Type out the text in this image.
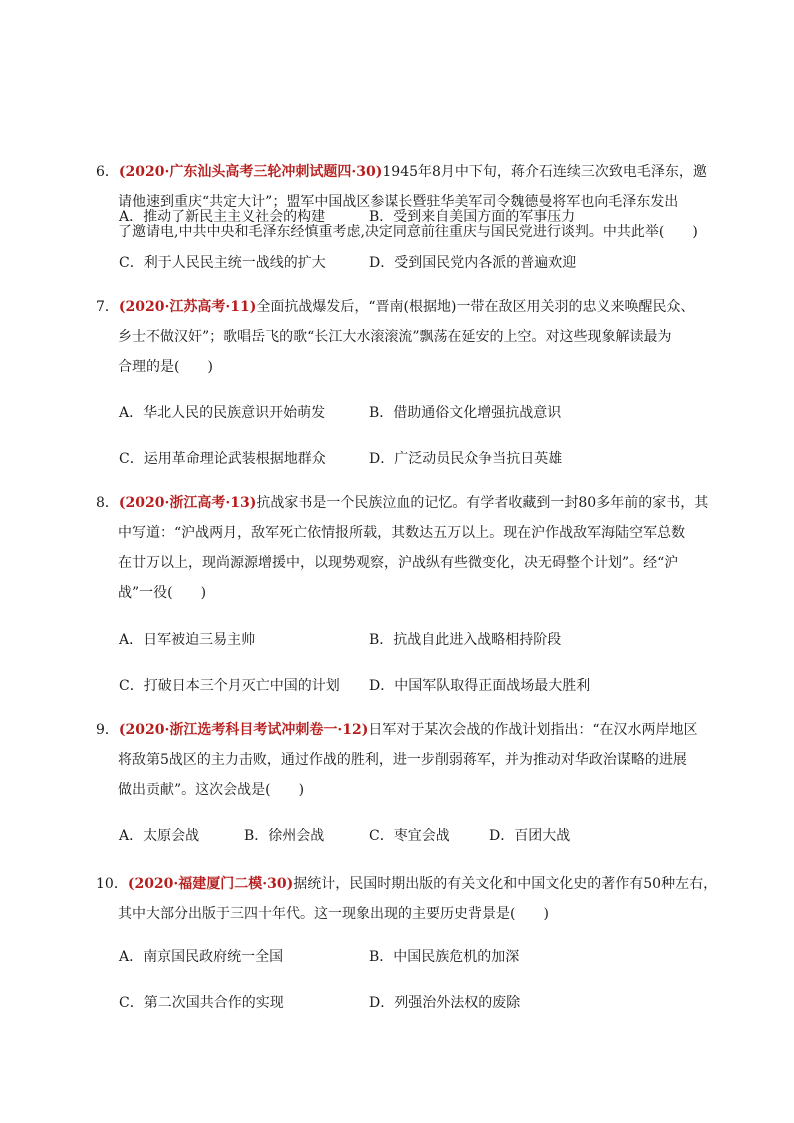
6．(2020·广东汕头高考三轮冲刺试题四·30)1945年8月中下旬，蒋介石连续三次致电毛泽东，邀
请他速到重庆“共定大计”；盟军中国战区参谋长暨驻华美军司令魏德曼将军也向毛泽东发出
了邀请电,中共中央和毛泽东经慎重考虑,决定同意前往重庆与国民党进行谈判。中共此举(　　)
A．推动了新民主主义社会的构建	B．受到来自美国方面的军事压力
C．利于人民民主统一战线的扩大	D．受到国民党内各派的普遍欢迎
7．(2020·江苏高考·11)全面抗战爆发后，“晋南(根据地)一带在敌区用关羽的忠义来唤醒民众、
乡士不做汉奸”；歌唱岳飞的歌“长江大水滚滚流”飘荡在延安的上空。对这些现象解读最为
合理的是(　　)
A．华北人民的民族意识开始萌发	B．借助通俗文化增强抗战意识
C．运用革命理论武装根据地群众	D．广泛动员民众争当抗日英雄
8．(2020·浙江高考·13)抗战家书是一个民族泣血的记忆。有学者收藏到一封80多年前的家书，其
中写道：“沪战两月，敌军死亡依情报所载，其数达五万以上。现在沪作战敌军海陆空军总数
在廿万以上，现尚源源增援中，以现势观察，沪战纵有些微变化，决无碍整个计划”。经“沪
战”一役(　　)
A．日军被迫三易主帅	B．抗战自此进入战略相持阶段
C．打破日本三个月灭亡中国的计划 D．中国军队取得正面战场最大胜利
9．(2020·浙江选考科目考试冲刺卷一·12)日军对于某次会战的作战计划指出：“在汉水两岸地区
将敌第5战区的主力击败，通过作战的胜利，进一步削弱蒋军，并为推动对华政治谋略的进展
做出贡献”。这次会战是(　　)
A．太原会战	B．徐州会战	C．枣宜会战	D．百团大战
10．(2020·福建厦门二模·30)据统计，民国时期出版的有关文化和中国文化史的著作有50种左右，
其中大部分出版于三四十年代。这一现象出现的主要历史背景是(　　)
A．南京国民政府统一全国	B．中国民族危机的加深
C．第二次国共合作的实现	D．列强治外法权的废除
